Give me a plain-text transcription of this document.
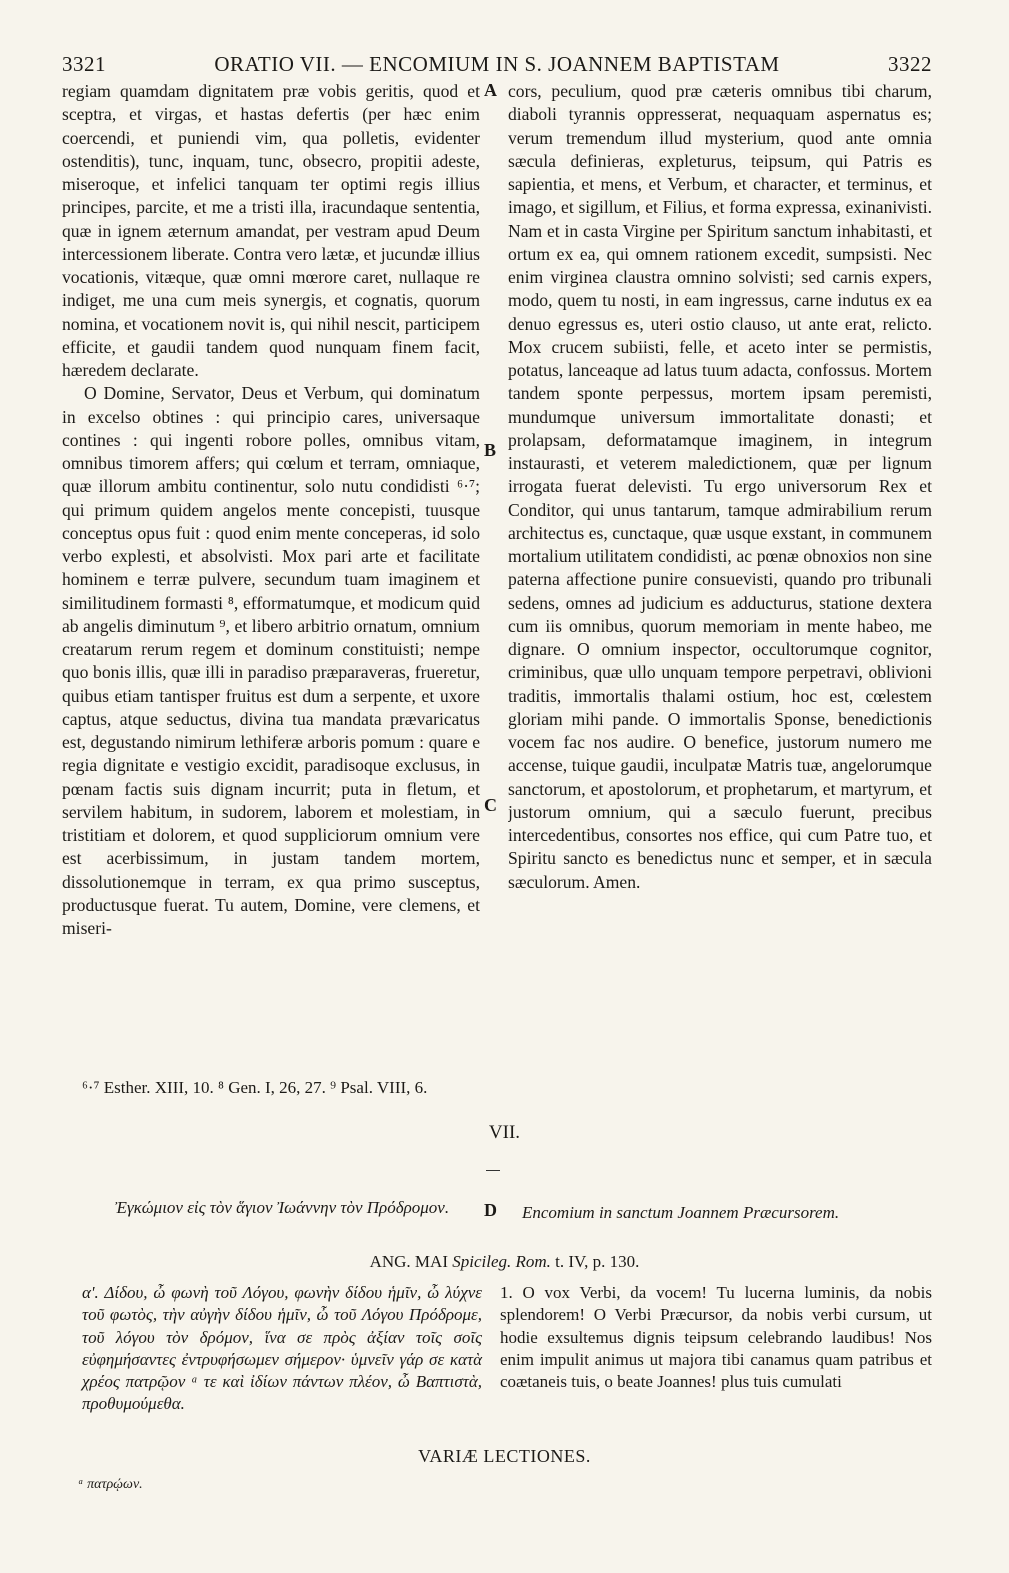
3321	ORATIO VII. — ENCOMIUM IN S. JOANNEM BAPTISTAM	3322

regiam quamdam dignitatem præ vobis geritis, quod et sceptra, et virgas, et hastas defertis (per hæc enim coercendi, et puniendi vim, qua polletis, evidenter ostenditis), tunc, inquam, tunc, obsecro, propitii adeste, miseroque, et infelici tanquam ter optimi regis illius principes, parcite, et me a tristi illa, iracundaque sententia, quæ in ignem æternum amandat, per vestram apud Deum intercessionem liberate. Contra vero lætæ, et jucundæ illius vocationis, vitæque, quæ omni mœrore caret, nullaque re indiget, me una cum meis synergis, et cognatis, quorum nomina, et vocationem novit is, qui nihil nescit, participem efficite, et gaudii tandem quod nunquam finem facit, hæredem declarate.

O Domine, Servator, Deus et Verbum, qui dominatum in excelso obtines : qui principio cares, universaque contines : qui ingenti robore polles, omnibus vitam, omnibus timorem affers; qui cœlum et terram, omniaque, quæ illorum ambitu continentur, solo nutu condidisti ⁶·⁷; qui primum quidem angelos mente concepisti, tuusque conceptus opus fuit : quod enim mente conceperas, id solo verbo explesti, et absolvisti. Mox pari arte et facilitate hominem e terræ pulvere, secundum tuam imaginem et similitudinem formasti ⁸, efformatumque, et modicum quid ab angelis diminutum ⁹, et libero arbitrio ornatum, omnium creatarum rerum regem et dominum constituisti; nempe quo bonis illis, quæ illi in paradiso præparaveras, frueretur, quibus etiam tantisper fruitus est dum a serpente, et uxore captus, atque seductus, divina tua mandata prævaricatus est, degustando nimirum lethiferæ arboris pomum : quare e regia dignitate e vestigio excidit, paradisoque exclusus, in pœnam factis suis dignam incurrit; puta in fletum, et servilem habitum, in sudorem, laborem et molestiam, in tristitiam et dolorem, et quod suppliciorum omnium vere est acerbissimum, in justam tandem mortem, dissolutionemque in terram, ex qua primo susceptus, productusque fuerat. Tu autem, Domine, vere clemens, et miseri-

A
B
C

cors, peculium, quod præ cæteris omnibus tibi charum, diaboli tyrannis oppresserat, nequaquam aspernatus es; verum tremendum illud mysterium, quod ante omnia sæcula definieras, expleturus, teipsum, qui Patris es sapientia, et mens, et Verbum, et character, et terminus, et imago, et sigillum, et Filius, et forma expressa, exinanivisti. Nam et in casta Virgine per Spiritum sanctum inhabitasti, et ortum ex ea, qui omnem rationem excedit, sumpsisti. Nec enim virginea claustra omnino solvisti; sed carnis expers, modo, quem tu nosti, in eam ingressus, carne indutus ex ea denuo egressus es, uteri ostio clauso, ut ante erat, relicto. Mox crucem subiisti, felle, et aceto inter se permistis, potatus, lanceaque ad latus tuum adacta, confossus. Mortem tandem sponte perpessus, mortem ipsam peremisti, mundumque universum immortalitate donasti; et prolapsam, deformatamque imaginem, in integrum instaurasti, et veterem maledictionem, quæ per lignum irrogata fuerat delevisti. Tu ergo universorum Rex et Conditor, qui unus tantarum, tamque admirabilium rerum architectus es, cunctaque, quæ usque exstant, in communem mortalium utilitatem condidisti, ac pœnæ obnoxios non sine paterna affectione punire consuevisti, quando pro tribunali sedens, omnes ad judicium es adducturus, statione dextera cum iis omnibus, quorum memoriam in mente habeo, me dignare. O omnium inspector, occultorumque cognitor, criminibus, quæ ullo unquam tempore perpetravi, oblivioni traditis, immortalis thalami ostium, hoc est, cœlestem gloriam mihi pande. O immortalis Sponse, benedictionis vocem fac nos audire. O benefice, justorum numero me accense, tuique gaudii, inculpatæ Matris tuæ, angelorumque sanctorum, et apostolorum, et prophetarum, et martyrum, et justorum omnium, qui a sæculo fuerunt, precibus intercedentibus, consortes nos effice, qui cum Patre tuo, et Spiritu sancto es benedictus nunc et semper, et in sæcula sæculorum. Amen.

⁶·⁷ Esther. XIII, 10. ⁸ Gen. I, 26, 27. ⁹ Psal. VIII, 6.
VII.
Ἐγκώμιον εἰς τὸν ἅγιον Ἰωάννην τὸν Πρόδρομον. D Encomium in sanctum Joannem Præcursorem.
ANG. MAI Spicileg. Rom. t. IV, p. 130.

α'. Δίδου, ὦ φωνὴ τοῦ Λόγου, φωνὴν δίδου ἡμῖν, ὦ λύχνε τοῦ φωτὸς, τὴν αὐγὴν δίδου ἡμῖν, ὦ τοῦ Λόγου Πρόδρομε, τοῦ λόγου τὸν δρόμον, ἵνα σε πρὸς ἀξίαν τοῖς σοῖς εὐφημήσαντες ἐντρυφήσωμεν σήμερον· ὑμνεῖν γάρ σε κατὰ χρέος πατρῷον ᵃ τε καὶ ἰδίων πάντων πλέον, ὦ Βαπτιστὰ, προθυμούμεθα.

1. O vox Verbi, da vocem! Tu lucerna luminis, da nobis splendorem! O Verbi Præcursor, da nobis verbi cursum, ut hodie exsultemus dignis teipsum celebrando laudibus! Nos enim impulit animus ut majora tibi canamus quam patribus et coætaneis tuis, o beate Joannes! plus tuis cumulati

VARIÆ LECTIONES.
ᵃ πατρῴων.
